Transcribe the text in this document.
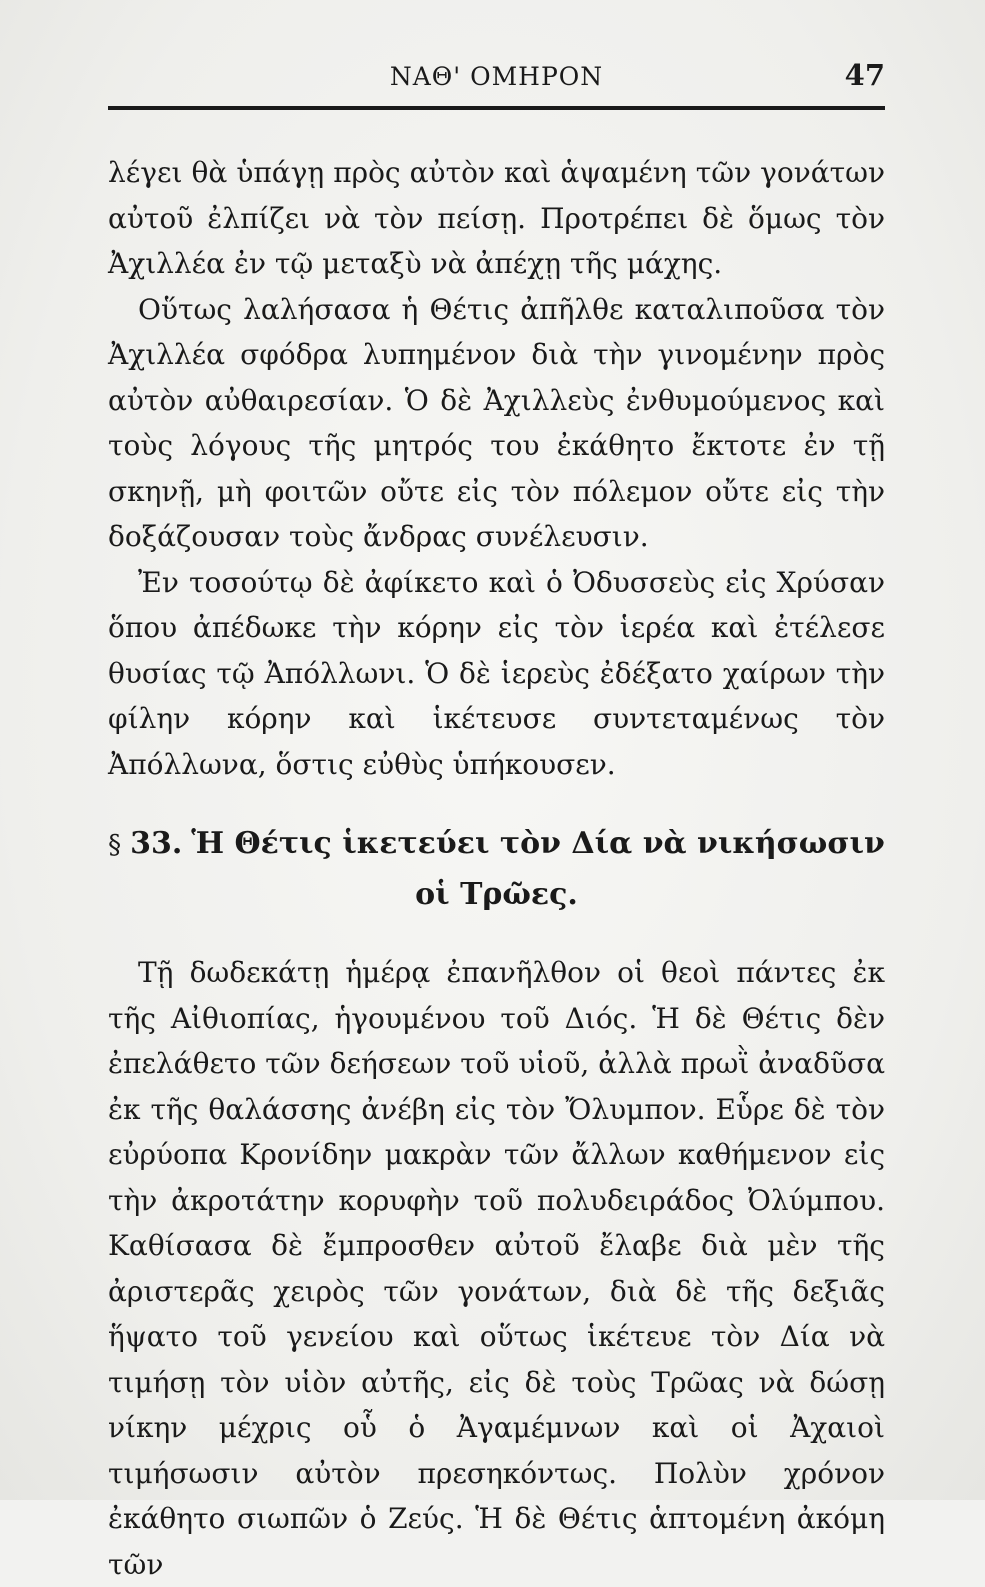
ΝΑΘ' ΟΜΗΡΟΝ	47

λέγει θὰ ὑπάγῃ πρὸς αὐτὸν καὶ ἁψαμένη τῶν γονάτων αὐτοῦ ἐλπίζει νὰ τὸν πείσῃ. Προτρέπει δὲ ὅμως τὸν Ἀχιλλέα ἐν τῷ μεταξὺ νὰ ἀπέχῃ τῆς μάχης.

Οὕτως λαλήσασα ἡ Θέτις ἀπῆλθε καταλιποῦσα τὸν Ἀχιλλέα σφόδρα λυπημένον διὰ τὴν γινομένην πρὸς αὐτὸν αὐθαιρεσίαν. Ὁ δὲ Ἀχιλλεὺς ἐνθυμούμενος καὶ τοὺς λόγους τῆς μητρός του ἐκάθητο ἔκτοτε ἐν τῇ σκηνῇ, μὴ φοιτῶν οὔτε εἰς τὸν πόλεμον οὔτε εἰς τὴν δοξάζουσαν τοὺς ἄνδρας συνέλευσιν.

Ἐν τοσούτῳ δὲ ἀφίκετο καὶ ὁ Ὀδυσσεὺς εἰς Χρύσαν ὅπου ἀπέδωκε τὴν κόρην εἰς τὸν ἱερέα καὶ ἐτέλεσε θυσίας τῷ Ἀπόλλωνι. Ὁ δὲ ἱερεὺς ἐδέξατο χαίρων τὴν φίλην κόρην καὶ ἱκέτευσε συντεταμένως τὸν Ἀπόλλωνα, ὅστις εὐθὺς ὑπήκουσεν.

§ 33. Ἡ Θέτις ἱκετεύει τὸν Δία νὰ νικήσωσιν οἱ Τρῶες.

Τῇ δωδεκάτῃ ἡμέρᾳ ἐπανῆλθον οἱ θεοὶ πάντες ἐκ τῆς Αἰθιοπίας, ἡγουμένου τοῦ Διός. Ἡ δὲ Θέτις δὲν ἐπελάθετο τῶν δεήσεων τοῦ υἱοῦ, ἀλλὰ πρωῒ ἀναδῦσα ἐκ τῆς θαλάσσης ἀνέβη εἰς τὸν Ὄλυμπον. Εὗρε δὲ τὸν εὐρύοπα Κρονίδην μακρὰν τῶν ἄλλων καθήμενον εἰς τὴν ἀκροτάτην κορυφὴν τοῦ πολυδειράδος Ὀλύμπου. Καθίσασα δὲ ἔμπροσθεν αὐτοῦ ἔλαβε διὰ μὲν τῆς ἀριστερᾶς χειρὸς τῶν γονάτων, διὰ δὲ τῆς δεξιᾶς ἥψατο τοῦ γενείου καὶ οὕτως ἱκέτευε τὸν Δία νὰ τιμήσῃ τὸν υἱὸν αὐτῆς, εἰς δὲ τοὺς Τρῶας νὰ δώσῃ νίκην μέχρις οὗ ὁ Ἀγαμέμνων καὶ οἱ Ἀχαιοὶ τιμήσωσιν αὐτὸν πρεσηκόντως. Πολὺν χρόνον ἐκάθητο σιωπῶν ὁ Ζεύς. Ἡ δὲ Θέτις ἁπτομένη ἀκόμη τῶν
